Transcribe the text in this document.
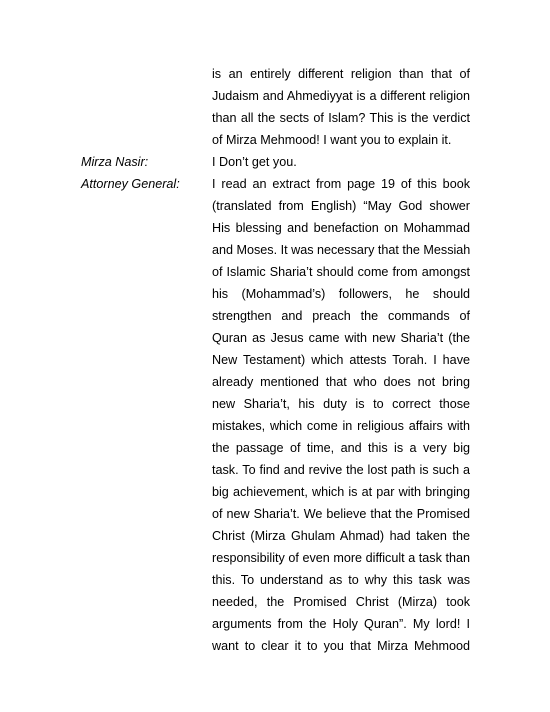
is an entirely different religion than that of
Judaism and Ahmediyyat is a different religion
than all the sects of Islam? This is the verdict
of Mirza Mehmood! I want you to explain it.
Mirza Nasir:	I Don’t get you.
Attorney General:	I read an extract from page 19 of this book
(translated from English) “May God shower
His blessing and benefaction on Mohammad
and Moses. It was necessary that the Messiah
of Islamic Sharia’t should come from amongst
his (Mohammad’s) followers, he should
strengthen and preach the commands of
Quran as Jesus came with new Sharia’t (the
New Testament) which attests Torah. I have
already mentioned that who does not bring
new Sharia’t, his duty is to correct those
mistakes, which come in religious affairs with
the passage of time, and this is a very big
task. To find and revive the lost path is such a
big achievement, which is at par with bringing
of new Sharia’t. We believe that the Promised
Christ (Mirza Ghulam Ahmad) had taken the
responsibility of even more difficult a task than
this. To understand as to why this task was
needed, the Promised Christ (Mirza) took
arguments from the Holy Quran”. My lord! I
want to clear it to you that Mirza Mehmood
